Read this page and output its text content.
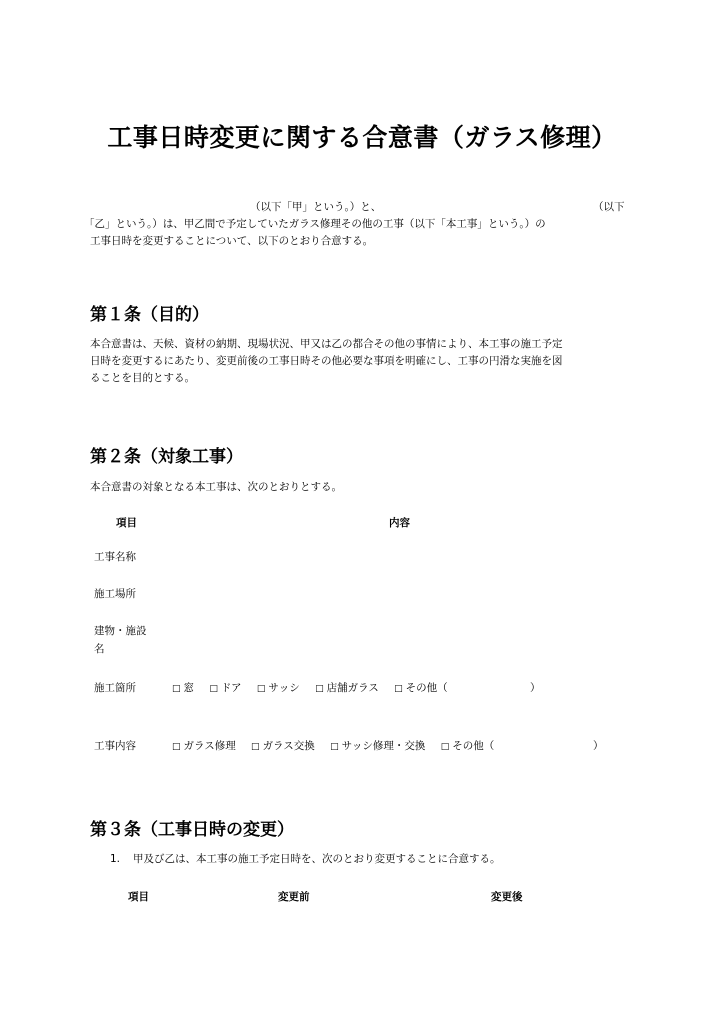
工事日時変更に関する合意書（ガラス修理）
（以下「甲」という。）と、	（以下
「乙」という。）は、甲乙間で予定していたガラス修理その他の工事（以下「本工事」という。）の
工事日時を変更することについて、以下のとおり合意する。
第１条（目的）
本合意書は、天候、資材の納期、現場状況、甲又は乙の都合その他の事情により、本工事の施工予定
日時を変更するにあたり、変更前後の工事日時その他必要な事項を明確にし、工事の円滑な実施を図
ることを目的とする。
第２条（対象工事）
本合意書の対象となる本工事は、次のとおりとする。
項目	内容
工事名称
施工場所
建物・施設
名
施工箇所	□ 窓 □ ドア □ サッシ □ 店舗ガラス □ その他（	）
工事内容	□ ガラス修理 □ ガラス交換 □ サッシ修理・交換 □ その他（	）
第３条（工事日時の変更）
1. 甲及び乙は、本工事の施工予定日時を、次のとおり変更することに合意する。
項目	変更前	変更後
